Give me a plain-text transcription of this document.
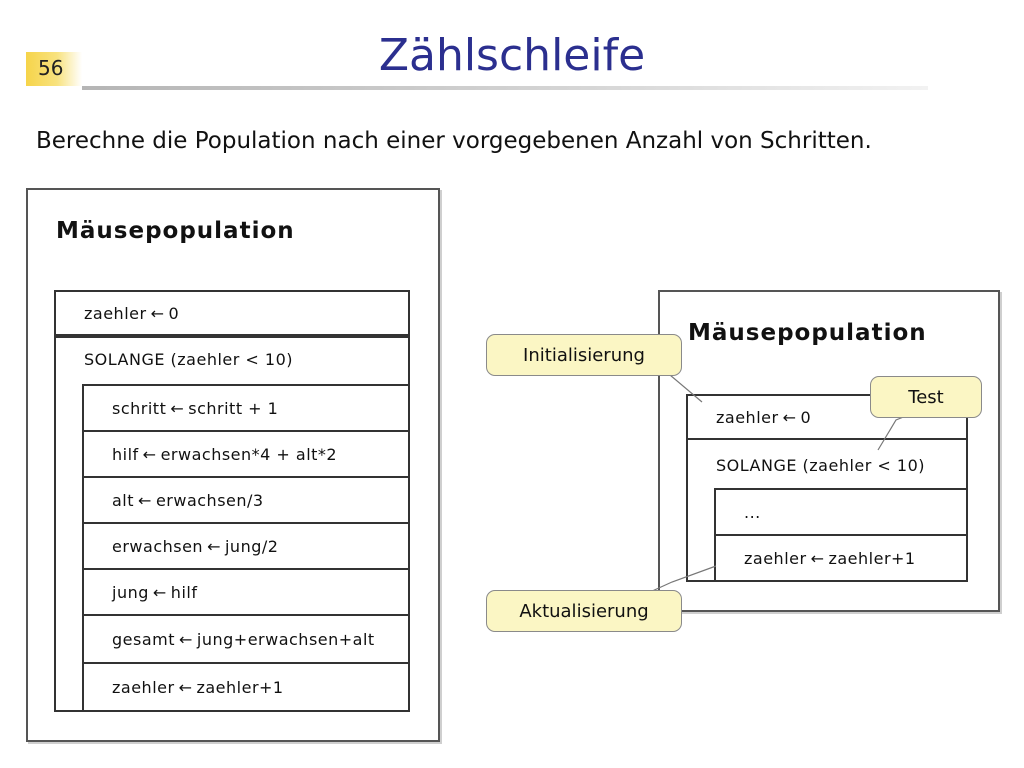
56	Zählschleife
Berechne die Population nach einer vorgegebenen Anzahl von Schritten.
Mäusepopulation
zaehler ← 0
SOLANGE (zaehler < 10)
schritt ← schritt + 1
hilf ← erwachsen*4 + alt*2
alt ← erwachsen/3
erwachsen ← jung/2
jung ← hilf
gesamt ← jung+erwachsen+alt
zaehler ← zaehler+1
Mäusepopulation
zaehler ← 0
SOLANGE (zaehler < 10)
...
zaehler ← zaehler+1
Initialisierung
Test
Aktualisierung
